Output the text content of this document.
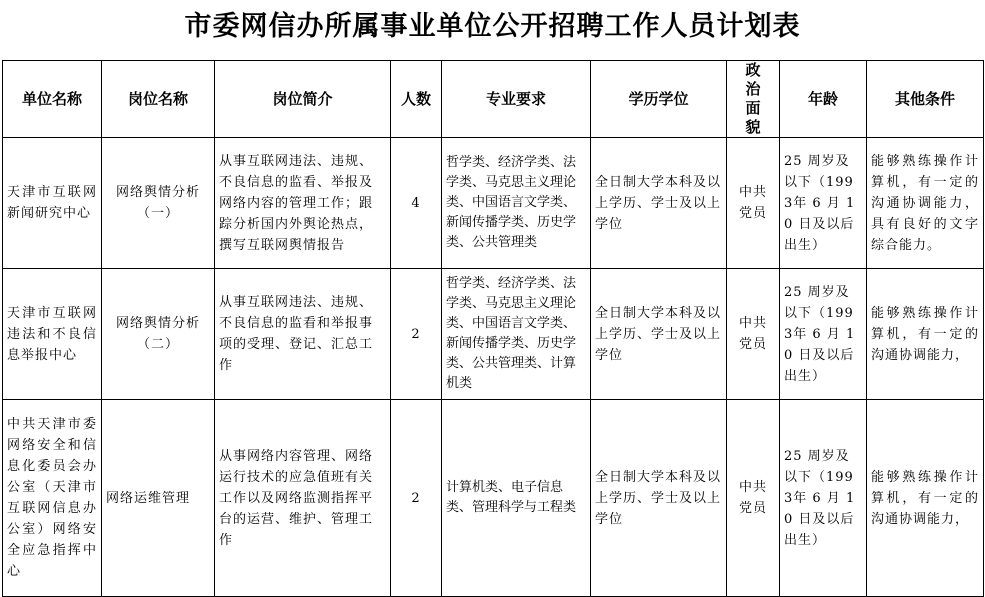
市委网信办所属事业单位公开招聘工作人员计划表
单位名称	岗位名称	岗位简介	人数	专业要求	学历学位	政治面貌	年龄	其他条件
天津市互联网新闻研究中心	网络舆情分析（一）	从事互联网违法、违规、不良信息的监看、举报及网络内容的管理工作；跟踪分析国内外舆论热点，撰写互联网舆情报告	4	哲学类、经济学类、法学类、马克思主义理论类、中国语言文学类、新闻传播学类、历史学类、公共管理类	全日制大学本科及以上学历、学士及以上学位	中共党员	25 周岁及以下（1993年 6 月 10 日及以后出生）	能够熟练操作计算机，有一定的沟通协调能力，具有良好的文字综合能力。
天津市互联网违法和不良信息举报中心	网络舆情分析（二）	从事互联网违法、违规、不良信息的监看和举报事项的受理、登记、汇总工作	2	哲学类、经济学类、法学类、马克思主义理论类、中国语言文学类、新闻传播学类、历史学类、公共管理类、计算机类	全日制大学本科及以上学历、学士及以上学位	中共党员	25 周岁及以下（1993年 6 月 10 日及以后出生）	能够熟练操作计算机，有一定的沟通协调能力，
中共天津市委网络安全和信息化委员会办公室（天津市互联网信息办公室）网络安全应急指挥中心	网络运维管理	从事网络内容管理、网络运行技术的应急值班有关工作以及网络监测指挥平台的运营、维护、管理工作	2	计算机类、电子信息类、管理科学与工程类	全日制大学本科及以上学历、学士及以上学位	中共党员	25 周岁及以下（1993年 6 月 10 日及以后出生）	能够熟练操作计算机，有一定的沟通协调能力，
